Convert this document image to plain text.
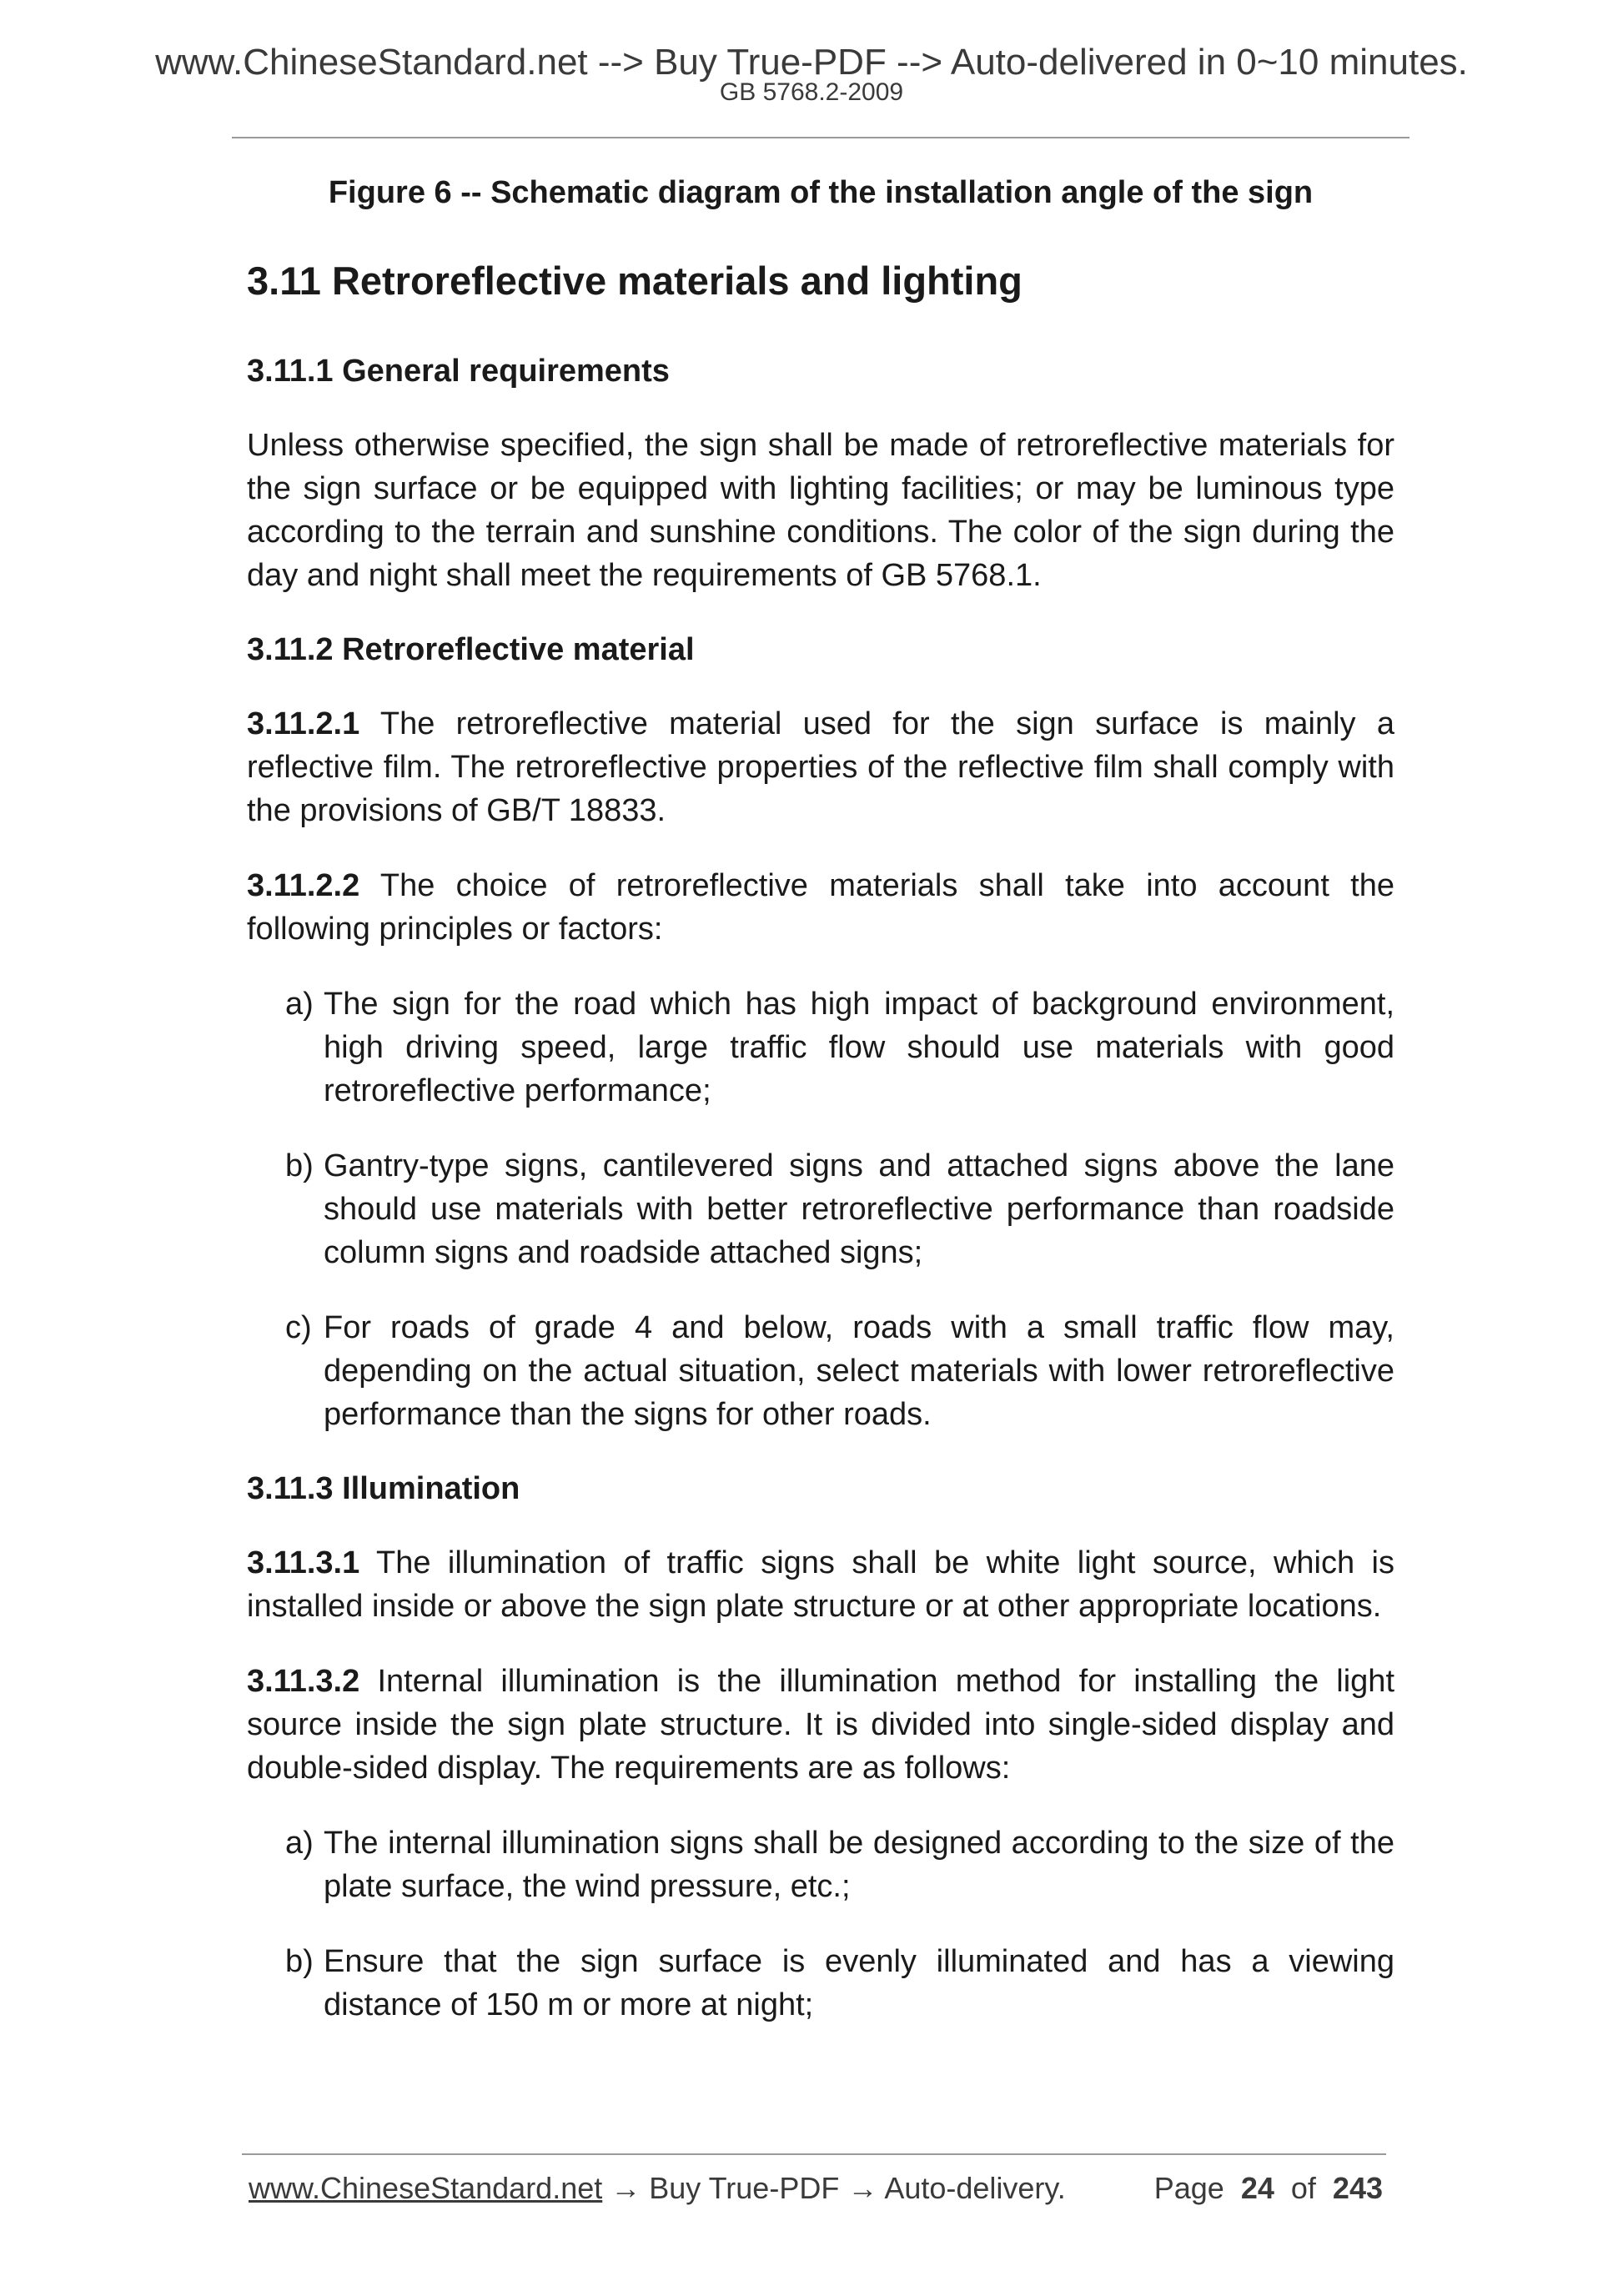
www.ChineseStandard.net --> Buy True-PDF --> Auto-delivered in 0~10 minutes.
GB 5768.2-2009

Figure 6 -- Schematic diagram of the installation angle of the sign

3.11 Retroreflective materials and lighting
3.11.1 General requirements

Unless otherwise specified, the sign shall be made of retroreflective materials for the sign surface or be equipped with lighting facilities; or may be luminous type according to the terrain and sunshine conditions. The color of the sign during the day and night shall meet the requirements of GB 5768.1.

3.11.2 Retroreflective material

3.11.2.1 The retroreflective material used for the sign surface is mainly a reflective film. The retroreflective properties of the reflective film shall comply with the provisions of GB/T 18833.

3.11.2.2 The choice of retroreflective materials shall take into account the following principles or factors:

a) The sign for the road which has high impact of background environment, high driving speed, large traffic flow should use materials with good retroreflective performance;
b) Gantry-type signs, cantilevered signs and attached signs above the lane should use materials with better retroreflective performance than roadside column signs and roadside attached signs;
c) For roads of grade 4 and below, roads with a small traffic flow may, depending on the actual situation, select materials with lower retroreflective performance than the signs for other roads.
3.11.3 Illumination

3.11.3.1 The illumination of traffic signs shall be white light source, which is installed inside or above the sign plate structure or at other appropriate locations.

3.11.3.2 Internal illumination is the illumination method for installing the light source inside the sign plate structure. It is divided into single-sided display and double-sided display. The requirements are as follows:

a) The internal illumination signs shall be designed according to the size of the plate surface, the wind pressure, etc.;
b) Ensure that the sign surface is evenly illuminated and has a viewing distance of 150 m or more at night;
www.ChineseStandard.net → Buy True-PDF → Auto-delivery.	Page 24 of 243
